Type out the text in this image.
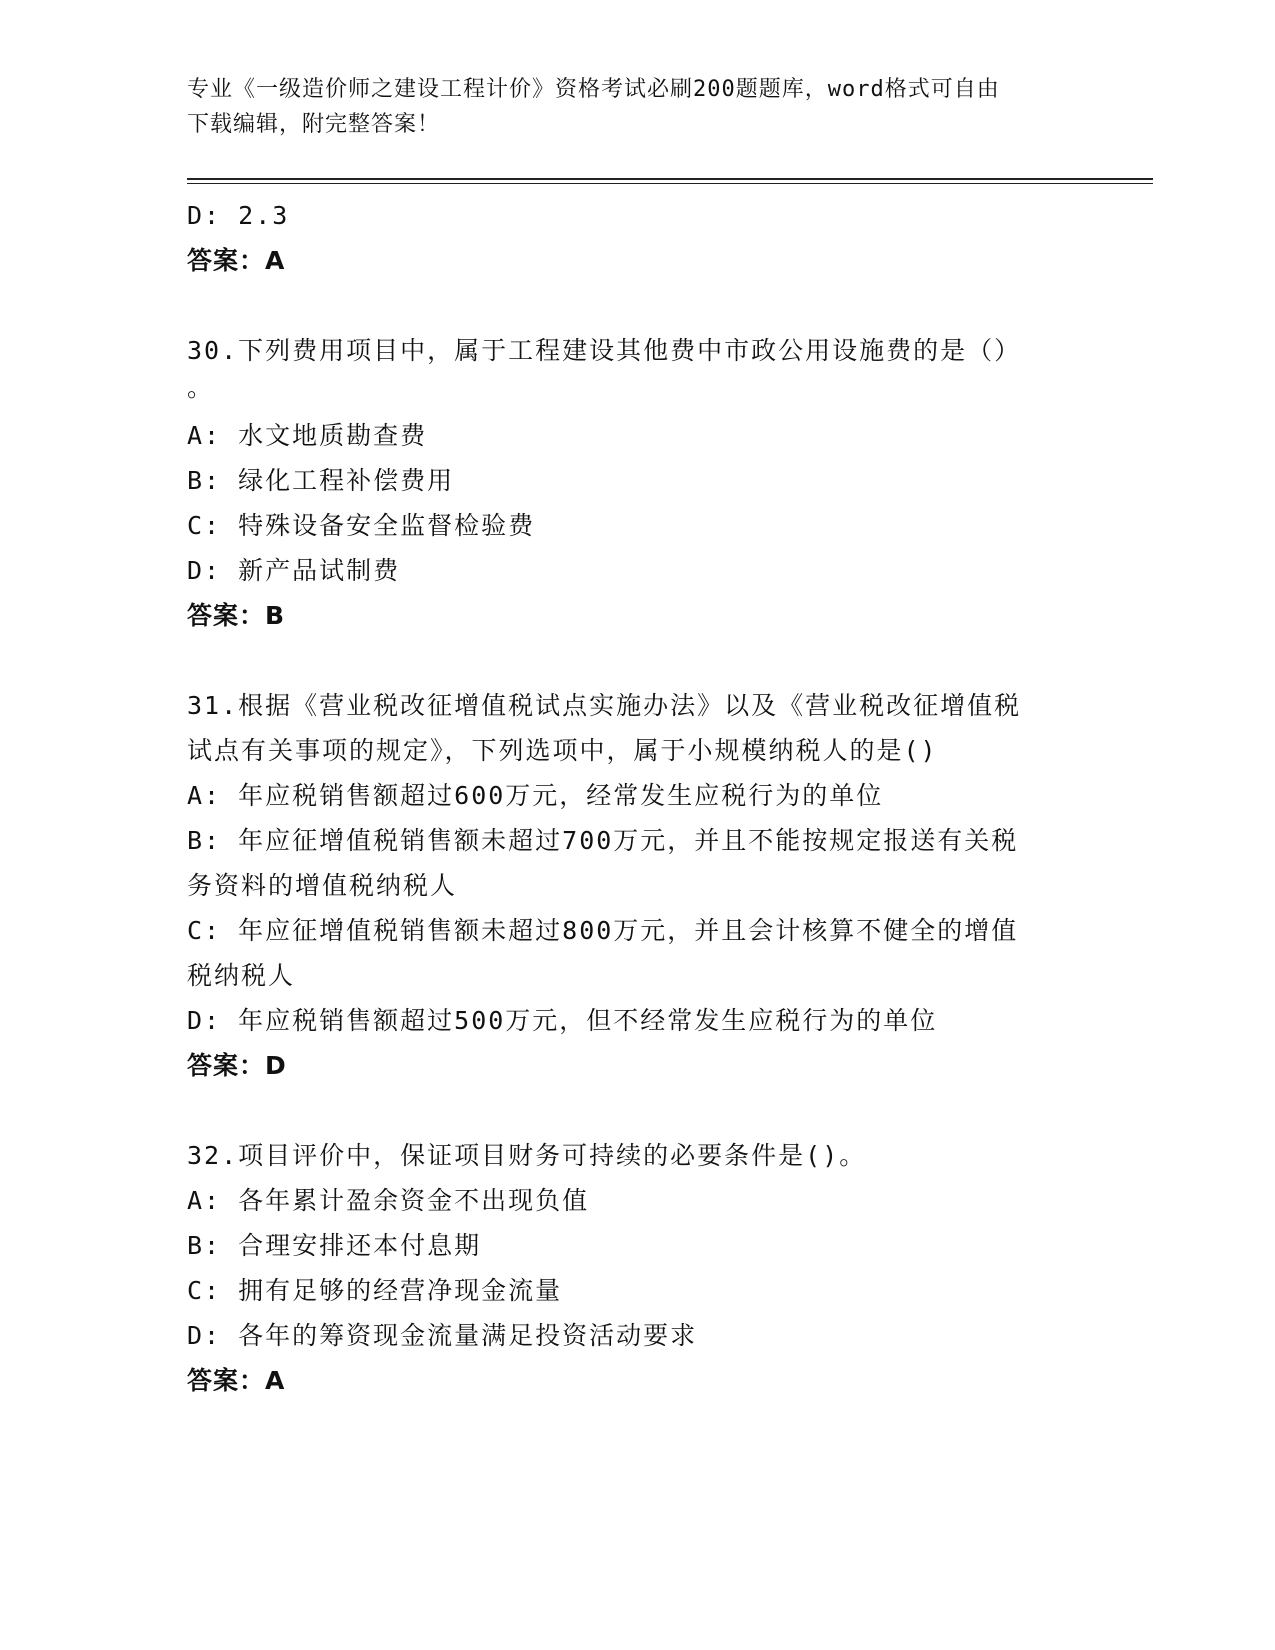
专业《一级造价师之建设工程计价》资格考试必刷200题题库，word格式可自由
下载编辑，附完整答案！
D: 2.3
答案：A
30.下列费用项目中，属于工程建设其他费中市政公用设施费的是（）
。
A: 水文地质勘查费
B: 绿化工程补偿费用
C: 特殊设备安全监督检验费
D: 新产品试制费
答案：B
31.根据《营业税改征增值税试点实施办法》以及《营业税改征增值税
试点有关事项的规定》，下列选项中，属于小规模纳税人的是()
A: 年应税销售额超过600万元，经常发生应税行为的单位
B: 年应征增值税销售额未超过700万元，并且不能按规定报送有关税
务资料的增值税纳税人
C: 年应征增值税销售额未超过800万元，并且会计核算不健全的增值
税纳税人
D: 年应税销售额超过500万元，但不经常发生应税行为的单位
答案：D
32.项目评价中，保证项目财务可持续的必要条件是()。
A: 各年累计盈余资金不出现负值
B: 合理安排还本付息期
C: 拥有足够的经营净现金流量
D: 各年的筹资现金流量满足投资活动要求
答案：A
